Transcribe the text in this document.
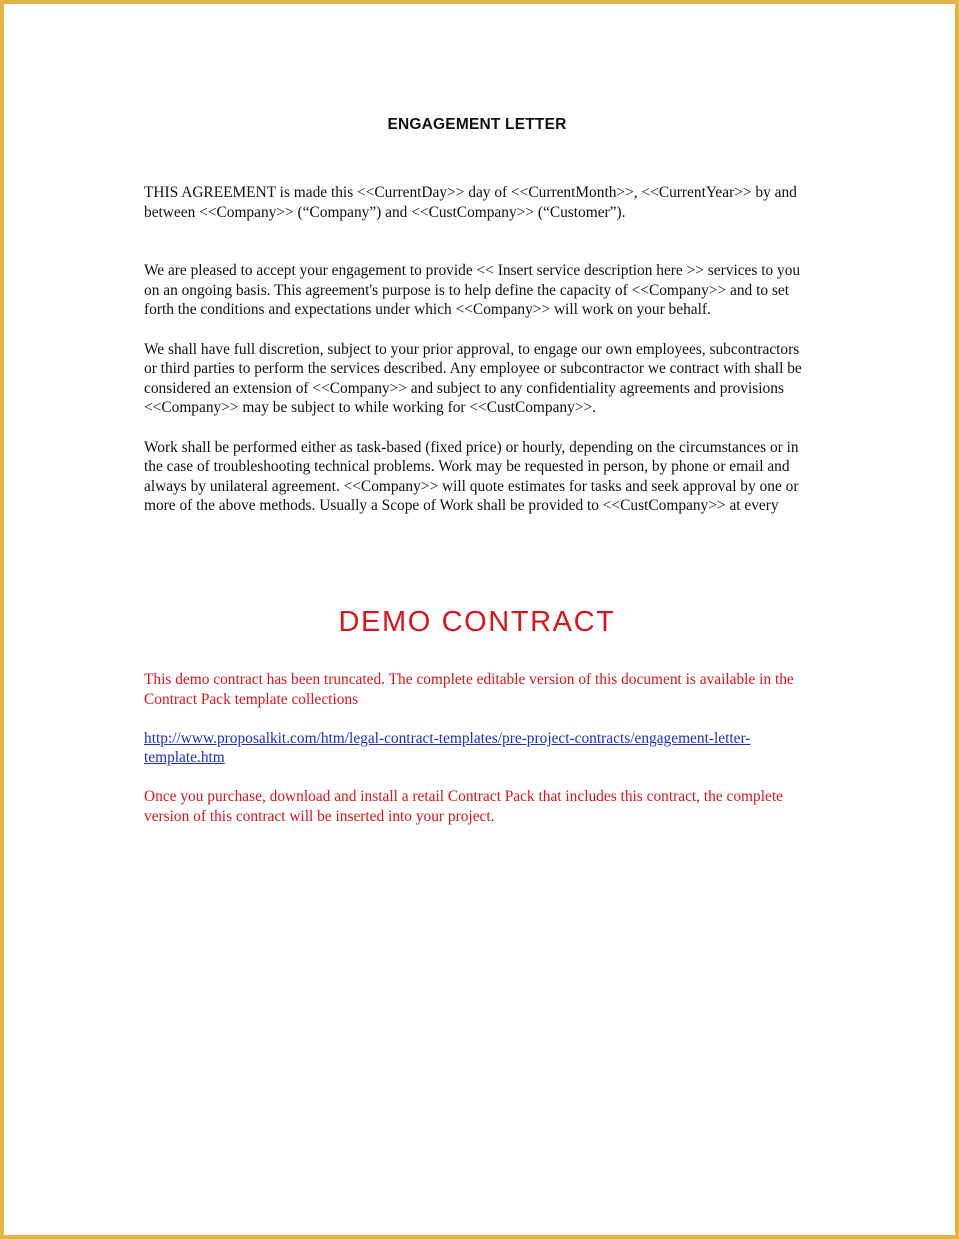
ENGAGEMENT LETTER

THIS AGREEMENT is made this <<CurrentDay>> day of <<CurrentMonth>>, <<CurrentYear>> by and between <<Company>> (“Company”) and <<CustCompany>> (“Customer”).

We are pleased to accept your engagement to provide << Insert service description here >> services to you on an ongoing basis. This agreement's purpose is to help define the capacity of <<Company>> and to set forth the conditions and expectations under which <<Company>> will work on your behalf.

We shall have full discretion, subject to your prior approval, to engage our own employees, subcontractors or third parties to perform the services described. Any employee or subcontractor we contract with shall be considered an extension of <<Company>> and subject to any confidentiality agreements and provisions <<Company>> may be subject to while working for <<CustCompany>>.

Work shall be performed either as task-based (fixed price) or hourly, depending on the circumstances or in the case of troubleshooting technical problems. Work may be requested in person, by phone or email and always by unilateral agreement. <<Company>> will quote estimates for tasks and seek approval by one or more of the above methods. Usually a Scope of Work shall be provided to <<CustCompany>> at every

DEMO CONTRACT

This demo contract has been truncated. The complete editable version of this document is available in the Contract Pack template collections

http://www.proposalkit.com/htm/legal-contract-templates/pre-project-contracts/engagement-letter-template.htm

Once you purchase, download and install a retail Contract Pack that includes this contract, the complete version of this contract will be inserted into your project.
